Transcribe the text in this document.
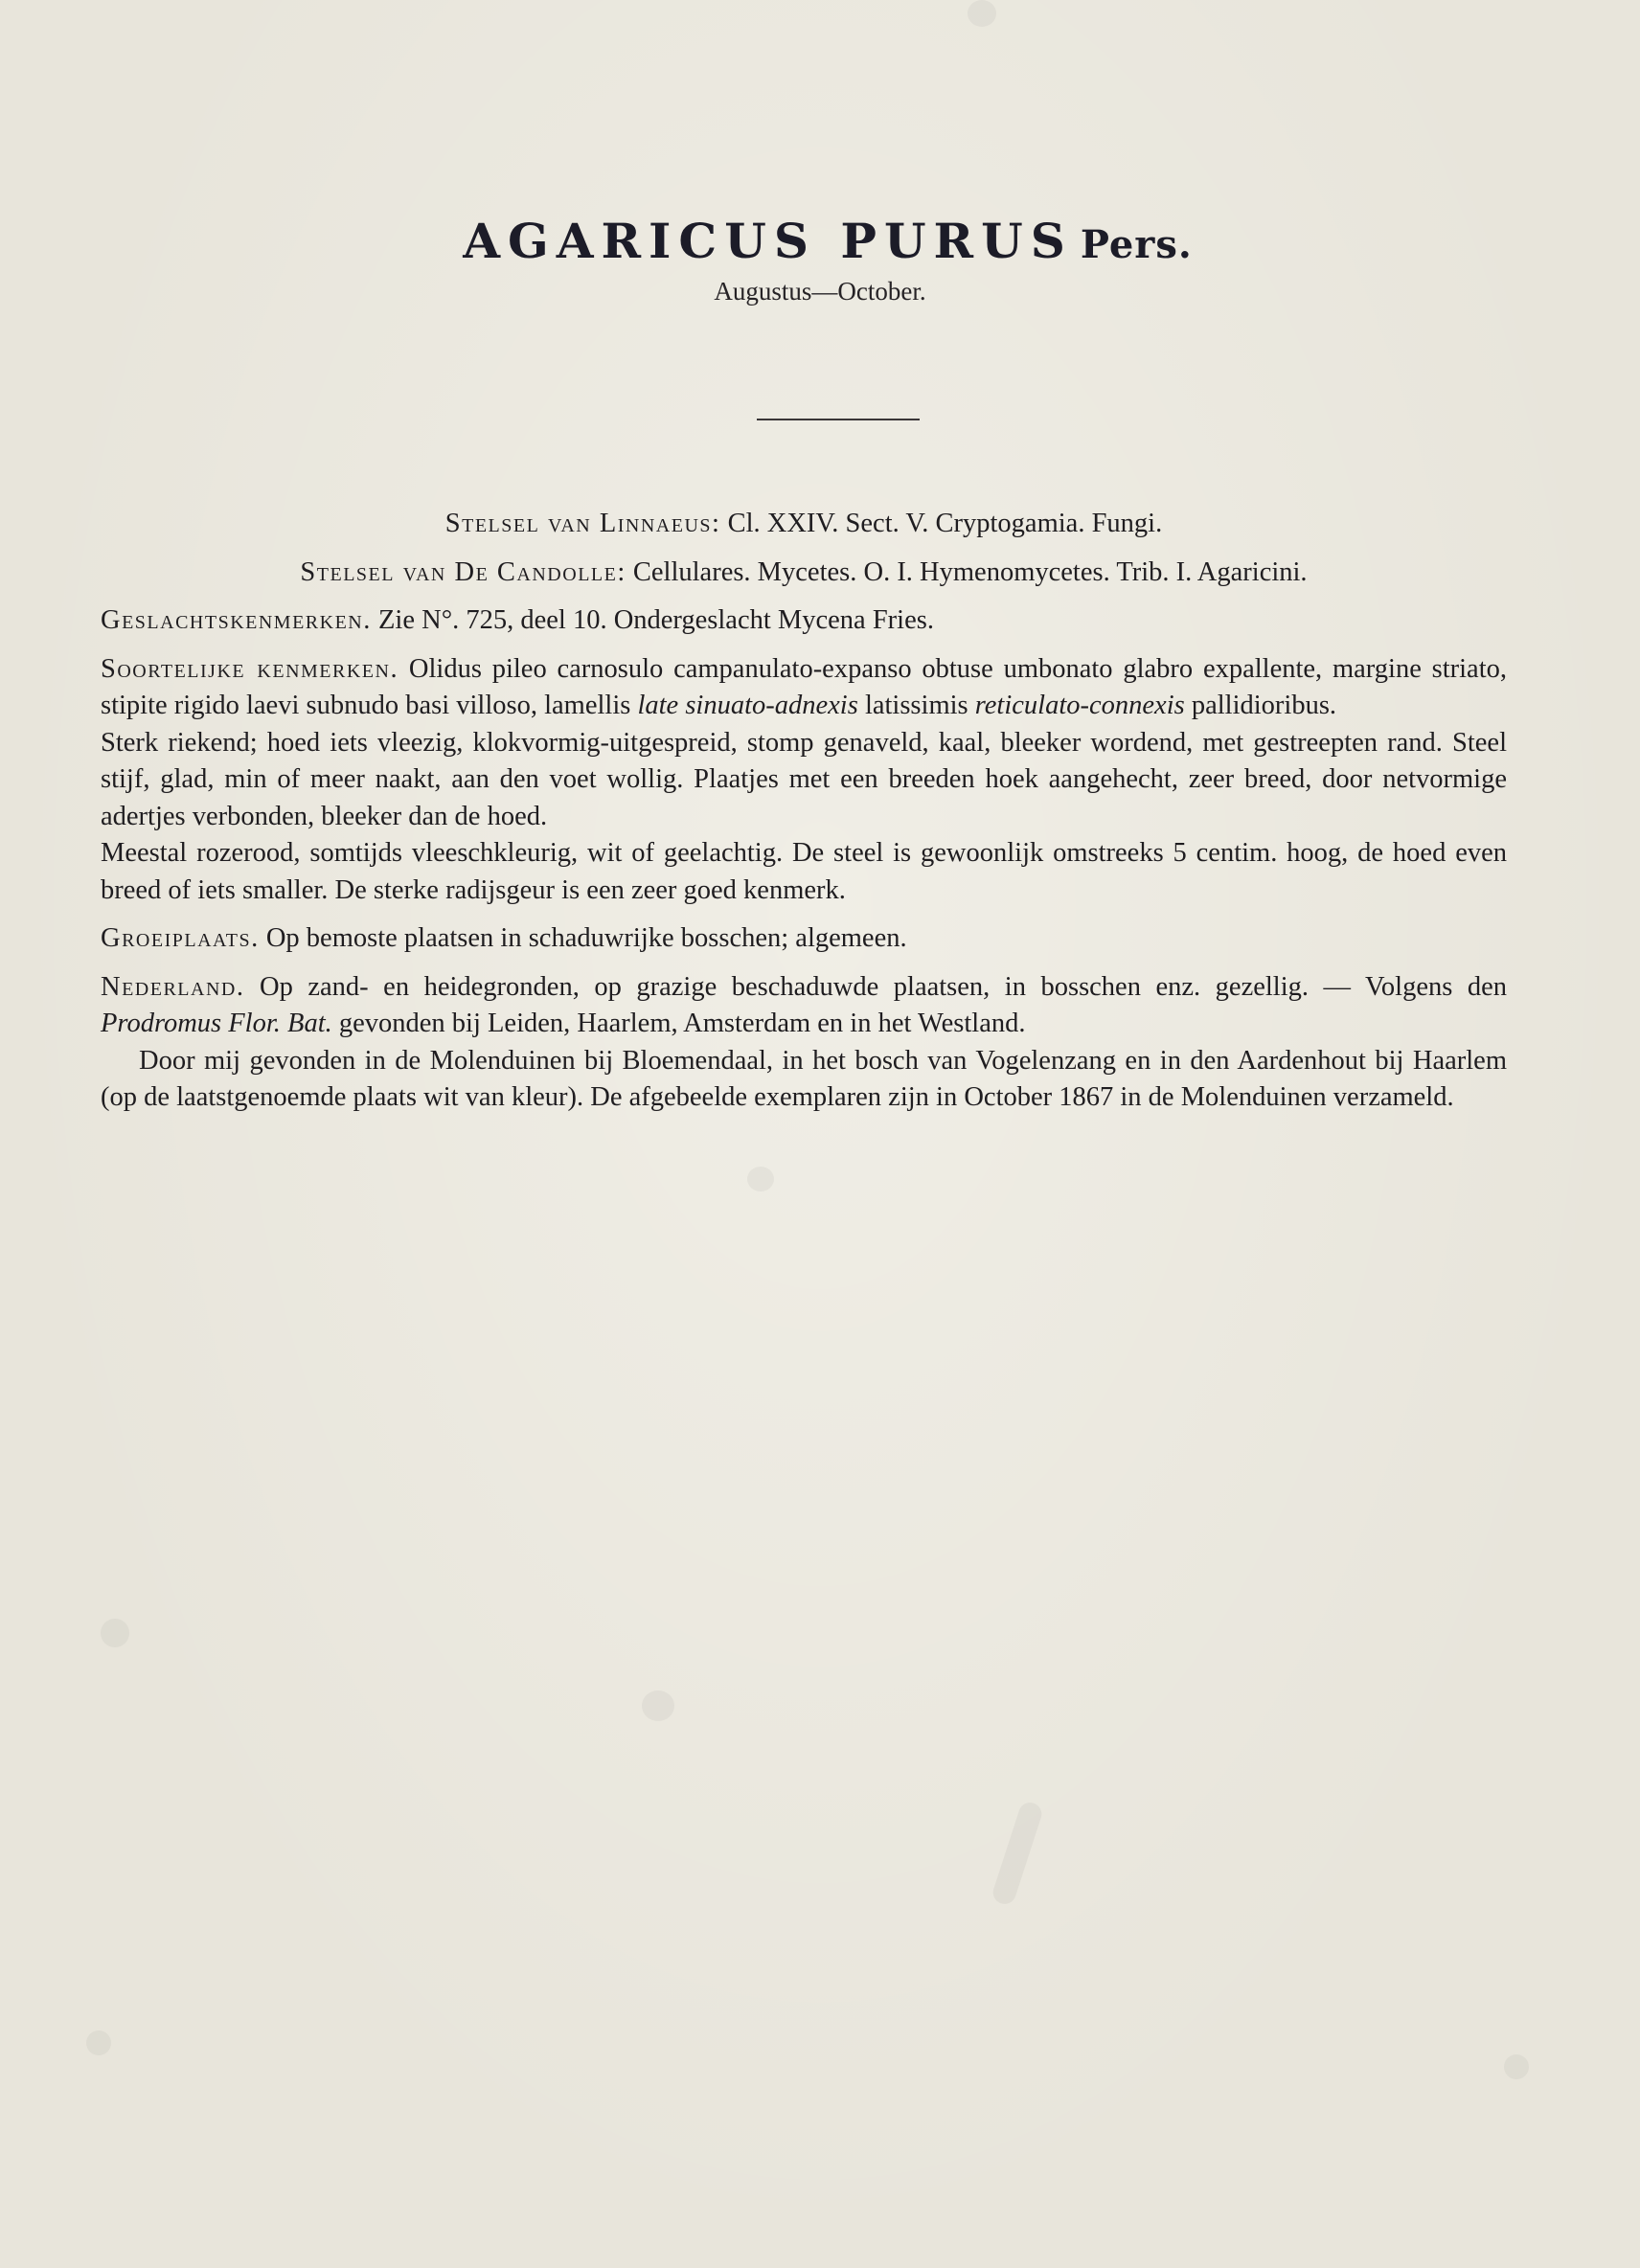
AGARICUS PURUS Pers.
Augustus—October.

Stelsel van Linnaeus: Cl. XXIV. Sect. V. Cryptogamia. Fungi.

Stelsel van De Candolle: Cellulares. Mycetes. O. I. Hymenomycetes. Trib. I. Agaricini.

Geslachtskenmerken. Zie N°. 725, deel 10. Ondergeslacht Mycena Fries.

Soortelijke kenmerken. Olidus pileo carnosulo campanulato-expanso obtuse umbonato glabro expallente, margine striato, stipite rigido laevi subnudo basi villoso, lamellis late sinuato-adnexis latissimis reticulato-connexis pallidioribus.

Sterk riekend; hoed iets vleezig, klokvormig-uitgespreid, stomp genaveld, kaal, bleeker wordend, met gestreepten rand. Steel stijf, glad, min of meer naakt, aan den voet wollig. Plaatjes met een breeden hoek aangehecht, zeer breed, door netvormige adertjes verbonden, bleeker dan de hoed.

Meestal rozerood, somtijds vleeschkleurig, wit of geelachtig. De steel is gewoonlijk omstreeks 5 centim. hoog, de hoed even breed of iets smaller. De sterke radijsgeur is een zeer goed kenmerk.

Groeiplaats. Op bemoste plaatsen in schaduwrijke bosschen; algemeen.

Nederland. Op zand- en heidegronden, op grazige beschaduwde plaatsen, in bosschen enz. gezellig. — Volgens den Prodromus Flor. Bat. gevonden bij Leiden, Haarlem, Amsterdam en in het Westland.

Door mij gevonden in de Molenduinen bij Bloemendaal, in het bosch van Vogelenzang en in den Aardenhout bij Haarlem (op de laatstgenoemde plaats wit van kleur). De afgebeelde exemplaren zijn in October 1867 in de Molenduinen verzameld.
